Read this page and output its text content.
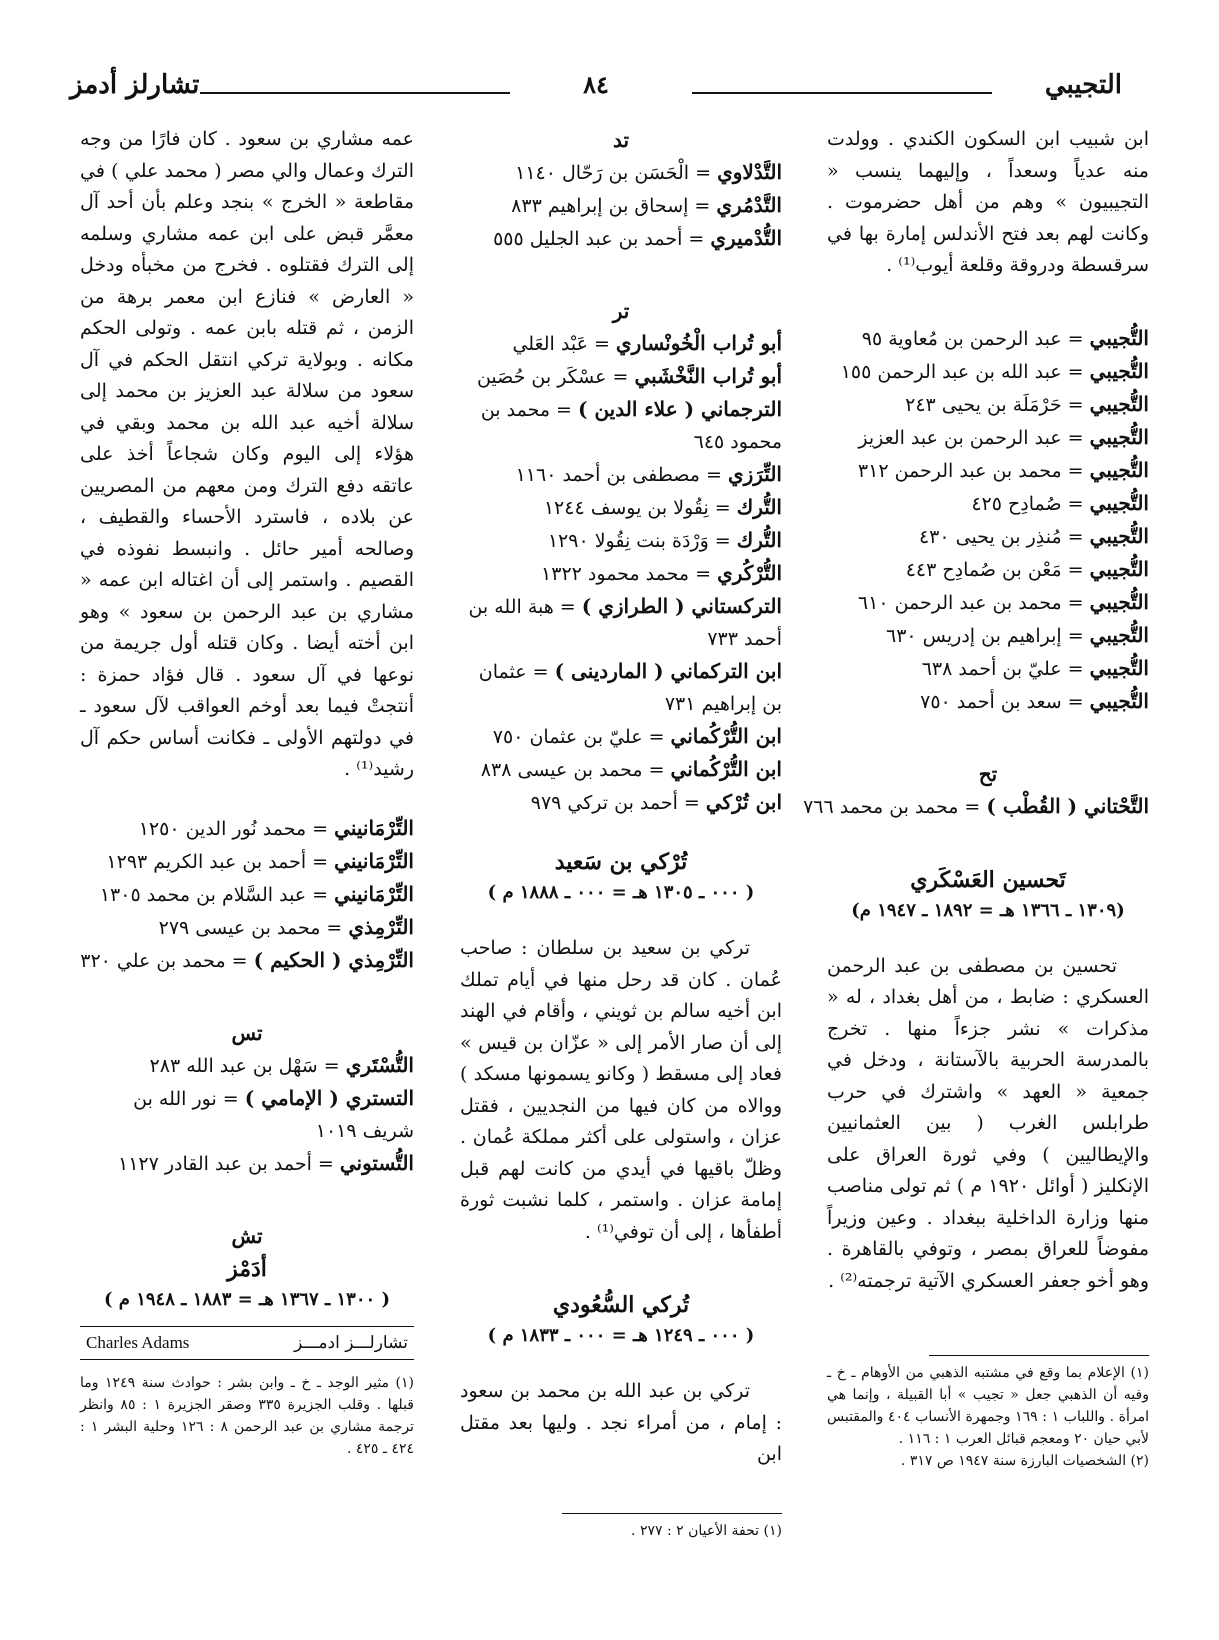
التجيبي
٨٤
تشارلز أدمز
ابن شبيب ابن السكون الكندي . وولدت منه عدياً وسعداً ، وإليهما ينسب « التجيبيون » وهم من أهل حضرموت . وكانت لهم بعد فتح الأندلس إمارة بها في سرقسطة ودروقة وقلعة أيوب⁽¹⁾ .
التُّجيبي = عبد الرحمن بن مُعاوية ٩٥
التُّجيبي = عبد الله بن عبد الرحمن ١٥٥
التُّجيبي = حَرْمَلَة بن يحيى ٢٤٣
التُّجيبي = عبد الرحمن بن عبد العزيز
التُّجيبي = محمد بن عبد الرحمن ٣١٢
التُّجيبي = صُمادِح ٤٢٥
التُّجيبي = مُنذِر بن يحيى ٤٣٠
التُّجيبي = مَعْن بن صُمادِح ٤٤٣
التُّجيبي = محمد بن عبد الرحمن ٦١٠
التُّجيبي = إبراهيم بن إدريس ٦٣٠
التُّجيبي = عليّ بن أحمد ٦٣٨
التُّجيبي = سعد بن أحمد ٧٥٠
تح
التَّحْتاني ( القُطْب ) = محمد بن محمد ٧٦٦
تَحسين العَسْكَري
(١٣٠٩ ـ ١٣٦٦ هـ = ١٨٩٢ ـ ١٩٤٧ م)
تحسين بن مصطفى بن عبد الرحمن العسكري : ضابط ، من أهل بغداد ، له « مذكرات » نشر جزءاً منها . تخرج بالمدرسة الحربية بالآستانة ، ودخل في جمعية « العهد » واشترك في حرب طرابلس الغرب ( بين العثمانيين والإيطاليين ) وفي ثورة العراق على الإنكليز ( أوائل ١٩٢٠ م ) ثم تولى مناصب منها وزارة الداخلية ببغداد . وعين وزيراً مفوضاً للعراق بمصر ، وتوفي بالقاهرة . وهو أخو جعفر العسكري الآتية ترجمته⁽²⁾ .
(١) الإعلام بما وقع في مشتبه الذهبي من الأوهام ـ خ ـ وفيه أن الذهبي جعل « تجيب » أبا القبيلة ، وإنما هي امرأة . واللباب ١ : ١٦٩ وجمهرة الأنساب ٤٠٤ والمقتبس لأبي حيان ٢٠ ومعجم قبائل العرب ١ : ١١٦ .
(٢) الشخصيات البارزة سنة ١٩٤٧ ص ٣١٧ .
تد
التَّدْلاوي = الْحَسَن بن رَحّال ١١٤٠
التَّدْمُري = إسحاق بن إبراهيم ٨٣٣
التُّدْميري = أحمد بن عبد الجليل ٥٥٥
تر
أبو تُراب الْخُونْساري = عَبْد العَلي
أبو تُراب النَّخْشَبي = عسْكَر بن حُصَين
الترجماني ( علاء الدين ) = محمد بن محمود ٦٤٥
التِّرَزي = مصطفى بن أحمد ١١٦٠
التُّرك = نِقُولا بن يوسف ١٢٤٤
التُّرك = وَرْدَة بنت نِقُولا ١٢٩٠
التُّرْكُري = محمد محمود ١٣٢٢
التركستاني ( الطرازي ) = هبة الله بن أحمد ٧٣٣
ابن التركماني ( الماردينى ) = عثمان بن إبراهيم ٧٣١
ابن التُّرْكُماني = عليّ بن عثمان ٧٥٠
ابن التُّرْكُماني = محمد بن عيسى ٨٣٨
ابن تُرْكي = أحمد بن تركي ٩٧٩
تُرْكي بن سَعيد
( ٠٠٠ ـ ١٣٠٥ هـ = ٠٠٠ ـ ١٨٨٨ م )
تركي بن سعيد بن سلطان : صاحب عُمان . كان قد رحل منها في أيام تملك ابن أخيه سالم بن ثويني ، وأقام في الهند إلى أن صار الأمر إلى « عزّان بن قيس » فعاد إلى مسقط ( وكانو يسمونها مسكد ) ووالاه من كان فيها من النجديين ، فقتل عزان ، واستولى على أكثر مملكة عُمان . وظلّ باقيها في أيدي من كانت لهم قبل إمامة عزان . واستمر ، كلما نشبت ثورة أطفأها ، إلى أن توفي⁽¹⁾ .
تُركي السُّعُودي
( ٠٠٠ ـ ١٢٤٩ هـ = ٠٠٠ ـ ١٨٣٣ م )
تركي بن عبد الله بن محمد بن سعود : إمام ، من أمراء نجد . وليها بعد مقتل ابن
(١) تحفة الأعيان ٢ : ٢٧٧ .
عمه مشاري بن سعود . كان فارًا من وجه الترك وعمال والي مصر ( محمد علي ) في مقاطعة « الخرج » بنجد وعلم بأن أحد آل معمَّر قبض على ابن عمه مشاري وسلمه إلى الترك فقتلوه . فخرج من مخبأه ودخل « العارض » فنازع ابن معمر برهة من الزمن ، ثم قتله بابن عمه . وتولى الحكم مكانه . وبولاية تركي انتقل الحكم في آل سعود من سلالة عبد العزيز بن محمد إلى سلالة أخيه عبد الله بن محمد وبقي في هؤلاء إلى اليوم وكان شجاعاً أخذ على عاتقه دفع الترك ومن معهم من المصريين عن بلاده ، فاسترد الأحساء والقطيف ، وصالحه أمير حائل . وانبسط نفوذه في القصيم . واستمر إلى أن اغتاله ابن عمه « مشاري بن عبد الرحمن بن سعود » وهو ابن أخته أيضا . وكان قتله أول جريمة من نوعها في آل سعود . قال فؤاد حمزة : أنتجتْ فيما بعد أوخم العواقب لآل سعود ـ في دولتهم الأولى ـ فكانت أساس حكم آل رشيد⁽¹⁾ .
التِّرْمَانيني = محمد نُور الدين ١٢٥٠
التِّرْمَانيني = أحمد بن عبد الكريم ١٢٩٣
التِّرْمَانيني = عبد السَّلام بن محمد ١٣٠٥
التِّرْمِذي = محمد بن عيسى ٢٧٩
التِّرْمِذي ( الحكيم ) = محمد بن علي ٣٢٠
تس
التُّسْتَري = سَهْل بن عبد الله ٢٨٣
التستري ( الإمامي ) = نور الله بن شريف ١٠١٩
التُّستوني = أحمد بن عبد القادر ١١٢٧
تش
أدَمْز
( ١٣٠٠ ـ ١٣٦٧ هـ = ١٨٨٣ ـ ١٩٤٨ م )
تشارلـــز ادمـــز
Charles Adams
(١) مثير الوجد ـ خ ـ وابن بشر : حوادث سنة ١٢٤٩ وما قبلها . وقلب الجزيرة ٣٣٥ وصقر الجزيرة ١ : ٨٥ وانظر ترجمة مشاري بن عبد الرحمن ٨ : ١٢٦ وحلية البشر ١ : ٤٢٤ ـ ٤٢٥ .
